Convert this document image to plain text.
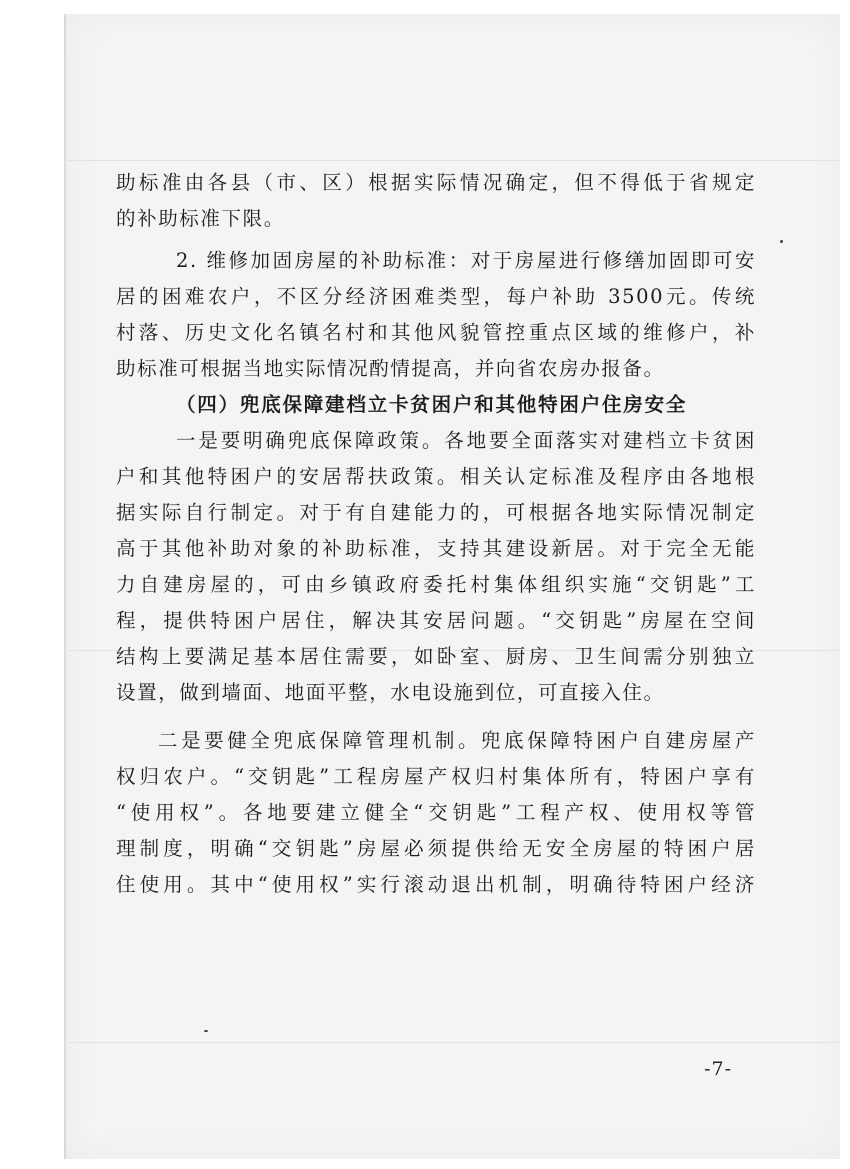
助标准由各县（市、区）根据实际情况确定，但不得低于省规定
的补助标准下限。
2. 维修加固房屋的补助标准：对于房屋进行修缮加固即可安
居的困难农户，不区分经济困难类型，每户补助 3500元。传统
村落、历史文化名镇名村和其他风貌管控重点区域的维修户，补
助标准可根据当地实际情况酌情提高，并向省农房办报备。
（四）兜底保障建档立卡贫困户和其他特困户住房安全
一是要明确兜底保障政策。各地要全面落实对建档立卡贫困
户和其他特困户的安居帮扶政策。相关认定标准及程序由各地根
据实际自行制定。对于有自建能力的，可根据各地实际情况制定
高于其他补助对象的补助标准，支持其建设新居。对于完全无能
力自建房屋的，可由乡镇政府委托村集体组织实施“交钥匙”工
程，提供特困户居住，解决其安居问题。“交钥匙”房屋在空间
结构上要满足基本居住需要，如卧室、厨房、卫生间需分别独立
设置，做到墙面、地面平整，水电设施到位，可直接入住。
二是要健全兜底保障管理机制。兜底保障特困户自建房屋产
权归农户。“交钥匙”工程房屋产权归村集体所有，特困户享有
“使用权”。各地要建立健全“交钥匙”工程产权、使用权等管
理制度，明确“交钥匙”房屋必须提供给无安全房屋的特困户居
住使用。其中“使用权”实行滚动退出机制，明确待特困户经济
-7-
